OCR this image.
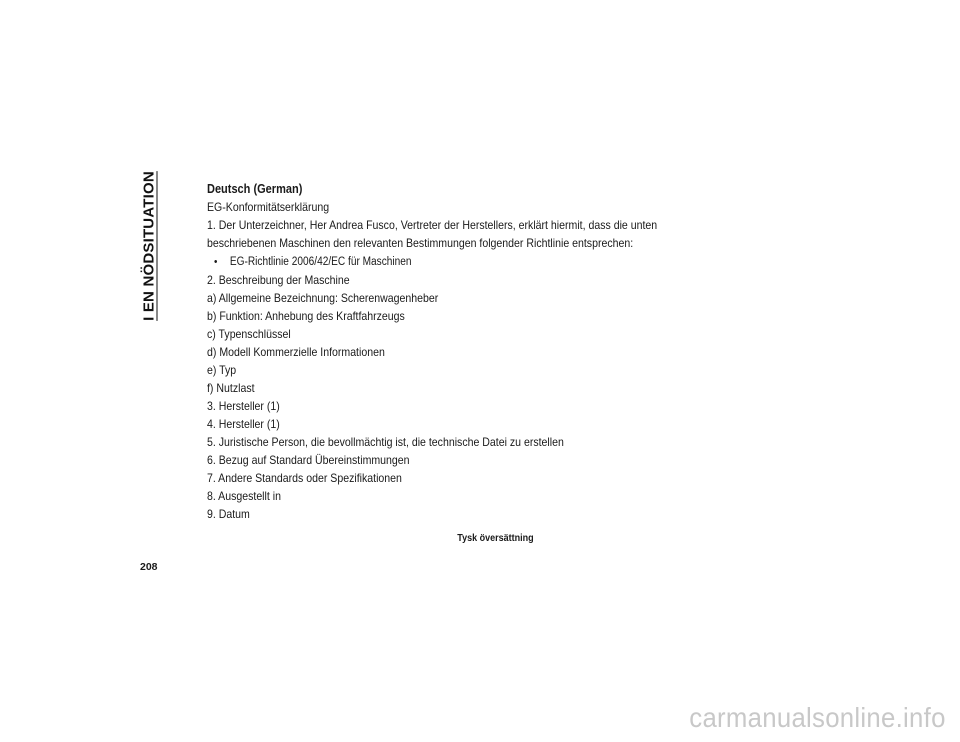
I EN NÖDSITUATION	Deutsch (German)
EG-Konformitätserklärung
1. Der Unterzeichner, Her Andrea Fusco, Vertreter der Herstellers, erklärt hiermit, dass die unten
beschriebenen Maschinen den relevanten Bestimmungen folgender Richtlinie entsprechen:
•	EG-Richtlinie 2006/42/EC für Maschinen
2. Beschreibung der Maschine
a) Allgemeine Bezeichnung: Scherenwagenheber
b) Funktion: Anhebung des Kraftfahrzeugs
c) Typenschlüssel
d) Modell Kommerzielle Informationen
e) Typ
f) Nutzlast
3. Hersteller (1)
4. Hersteller (1)
5. Juristische Person, die bevollmächtig ist, die technische Datei zu erstellen
6. Bezug auf Standard Übereinstimmungen
7. Andere Standards oder Spezifikationen
8. Ausgestellt in
9. Datum
Tysk översättning
208
carmanualsonline.info
